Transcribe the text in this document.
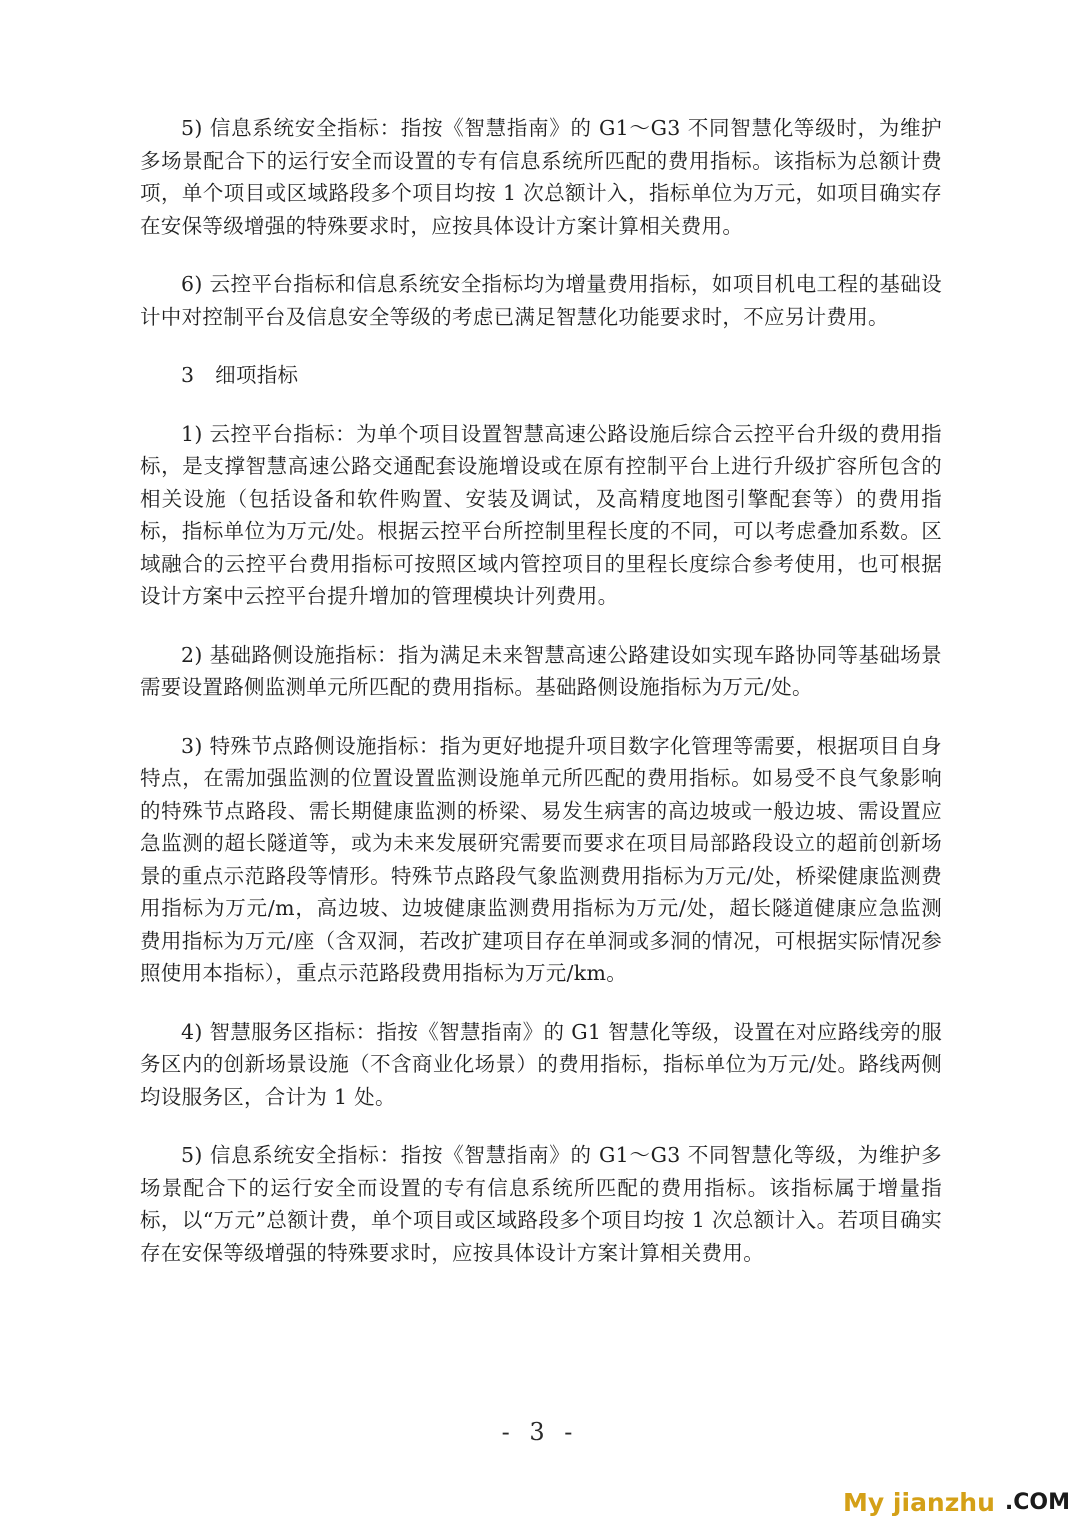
5) 信息系统安全指标：指按《智慧指南》的 G1～G3 不同智慧化等级时，为维护多场景配合下的运行安全而设置的专有信息系统所匹配的费用指标。该指标为总额计费项，单个项目或区域路段多个项目均按 1 次总额计入，指标单位为万元，如项目确实存在安保等级增强的特殊要求时，应按具体设计方案计算相关费用。

6) 云控平台指标和信息系统安全指标均为增量费用指标，如项目机电工程的基础设计中对控制平台及信息安全等级的考虑已满足智慧化功能要求时，不应另计费用。

3　细项指标

1) 云控平台指标：为单个项目设置智慧高速公路设施后综合云控平台升级的费用指标，是支撑智慧高速公路交通配套设施增设或在原有控制平台上进行升级扩容所包含的相关设施（包括设备和软件购置、安装及调试，及高精度地图引擎配套等）的费用指标，指标单位为万元/处。根据云控平台所控制里程长度的不同，可以考虑叠加系数。区域融合的云控平台费用指标可按照区域内管控项目的里程长度综合参考使用，也可根据设计方案中云控平台提升增加的管理模块计列费用。

2) 基础路侧设施指标：指为满足未来智慧高速公路建设如实现车路协同等基础场景需要设置路侧监测单元所匹配的费用指标。基础路侧设施指标为万元/处。

3) 特殊节点路侧设施指标：指为更好地提升项目数字化管理等需要，根据项目自身特点，在需加强监测的位置设置监测设施单元所匹配的费用指标。如易受不良气象影响的特殊节点路段、需长期健康监测的桥梁、易发生病害的高边坡或一般边坡、需设置应急监测的超长隧道等，或为未来发展研究需要而要求在项目局部路段设立的超前创新场景的重点示范路段等情形。特殊节点路段气象监测费用指标为万元/处，桥梁健康监测费用指标为万元/m，高边坡、边坡健康监测费用指标为万元/处，超长隧道健康应急监测费用指标为万元/座（含双洞，若改扩建项目存在单洞或多洞的情况，可根据实际情况参照使用本指标），重点示范路段费用指标为万元/km。

4) 智慧服务区指标：指按《智慧指南》的 G1 智慧化等级，设置在对应路线旁的服务区内的创新场景设施（不含商业化场景）的费用指标，指标单位为万元/处。路线两侧均设服务区，合计为 1 处。

5) 信息系统安全指标：指按《智慧指南》的 G1～G3 不同智慧化等级，为维护多场景配合下的运行安全而设置的专有信息系统所匹配的费用指标。该指标属于增量指标，以“万元”总额计费，单个项目或区域路段多个项目均按 1 次总额计入。若项目确实存在安保等级增强的特殊要求时，应按具体设计方案计算相关费用。

- 3 -
My jianzhu .COM
